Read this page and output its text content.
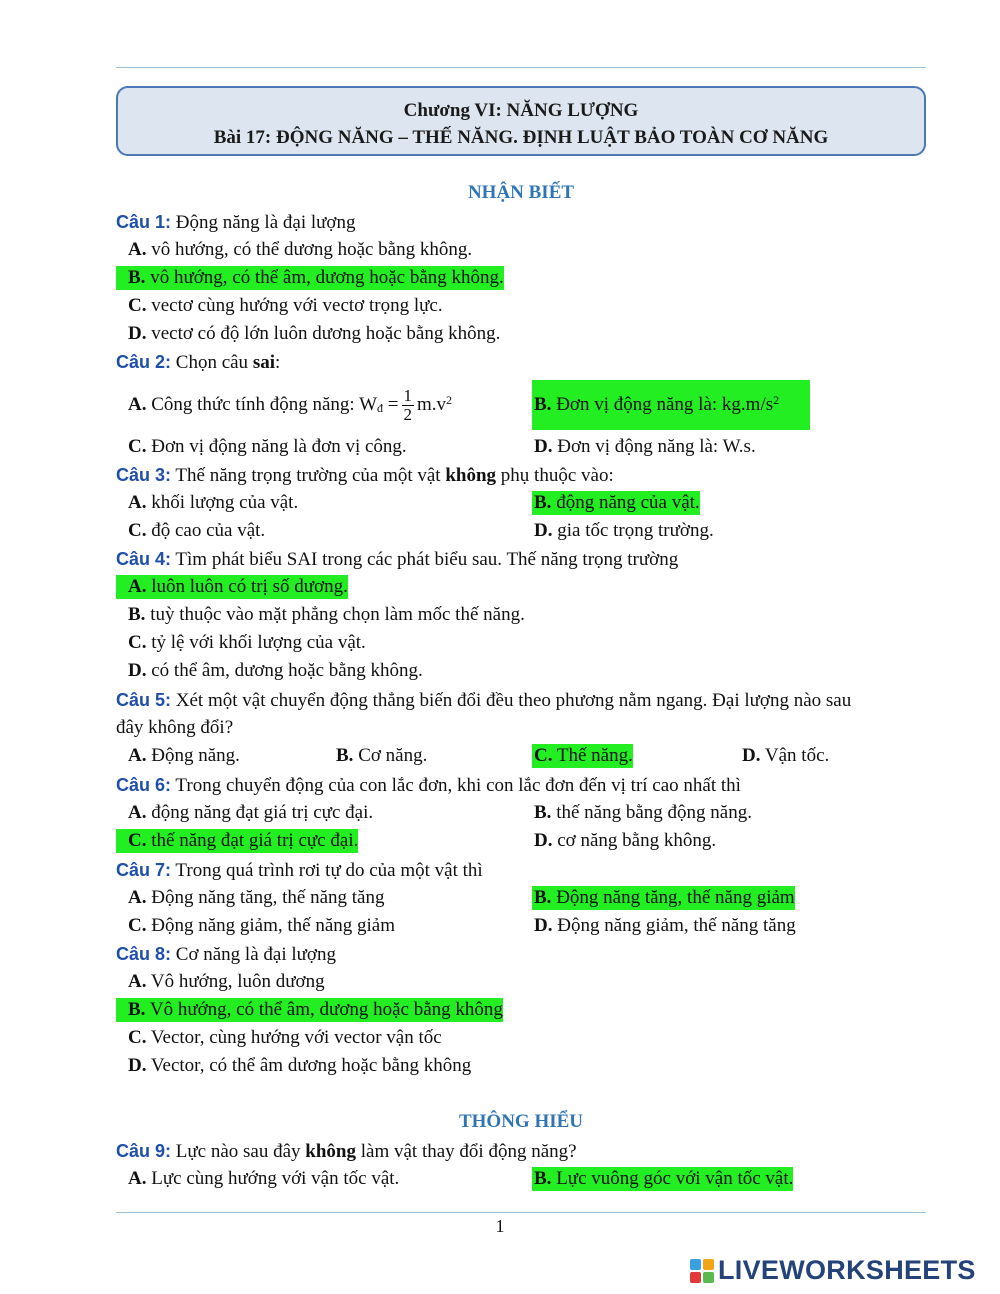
Chương VI: NĂNG LƯỢNG
Bài 17: ĐỘNG NĂNG – THẾ NĂNG. ĐỊNH LUẬT BẢO TOÀN CƠ NĂNG
NHẬN BIẾT
Câu 1: Động năng là đại lượng
A. vô hướng, có thể dương hoặc bằng không.
B. vô hướng, có thể âm, dương hoặc bằng không.
C. vectơ cùng hướng với vectơ trọng lực.
D. vectơ có độ lớn luôn dương hoặc bằng không.
Câu 2: Chọn câu sai:
A. Công thức tính động năng: $W_đ = \frac{1}{2} m.v^2$	B. Đơn vị động năng là: $kg.m/s^2$
C. Đơn vị động năng là đơn vị công.	D. Đơn vị động năng là: W.s.
Câu 3: Thế năng trọng trường của một vật không phụ thuộc vào:
A. khối lượng của vật.	B. động năng của vật.
C. độ cao của vật.	D. gia tốc trọng trường.
Câu 4: Tìm phát biểu SAI trong các phát biểu sau. Thế năng trọng trường
A. luôn luôn có trị số dương.
B. tuỳ thuộc vào mặt phẳng chọn làm mốc thế năng.
C. tỷ lệ với khối lượng của vật.
D. có thể âm, dương hoặc bằng không.
Câu 5: Xét một vật chuyển động thẳng biến đổi đều theo phương nằm ngang. Đại lượng nào sau
đây không đổi?
A. Động năng.	B. Cơ năng.	C. Thế năng.	D. Vận tốc.
Câu 6: Trong chuyển động của con lắc đơn, khi con lắc đơn đến vị trí cao nhất thì
A. động năng đạt giá trị cực đại.	B. thế năng bằng động năng.
C. thế năng đạt giá trị cực đại.	D. cơ năng bằng không.
Câu 7: Trong quá trình rơi tự do của một vật thì
A. Động năng tăng, thế năng tăng	B. Động năng tăng, thế năng giảm
C. Động năng giảm, thế năng giảm	D. Động năng giảm, thế năng tăng
Câu 8: Cơ năng là đại lượng
A. Vô hướng, luôn dương
B. Vô hướng, có thể âm, dương hoặc bằng không
C. Vector, cùng hướng với vector vận tốc
D. Vector, có thể âm dương hoặc bằng không
THÔNG HIỂU
Câu 9: Lực nào sau đây không làm vật thay đổi động năng?
A. Lực cùng hướng với vận tốc vật.	B. Lực vuông góc với vận tốc vật.
1
LIVEWORKSHEETS
